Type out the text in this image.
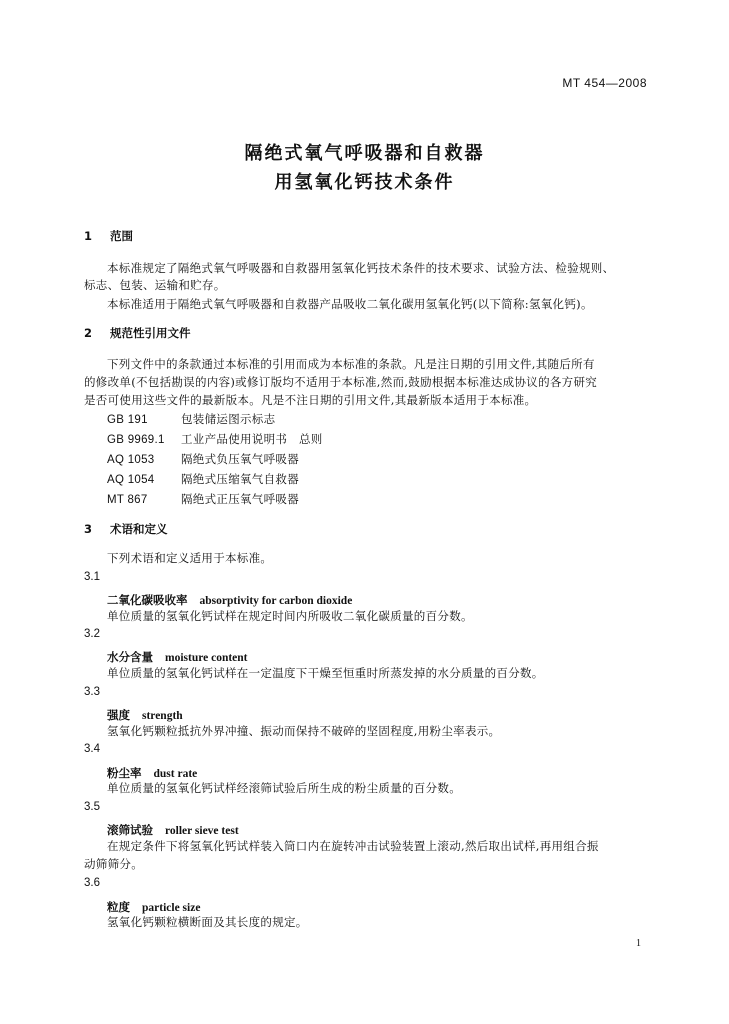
MT 454—2008
隔绝式氧气呼吸器和自救器
用氢氧化钙技术条件
1 范围
本标准规定了隔绝式氧气呼吸器和自救器用氢氧化钙技术条件的技术要求、试验方法、检验规则、
标志、包装、运输和贮存。
本标准适用于隔绝式氧气呼吸器和自救器产品吸收二氧化碳用氢氧化钙(以下简称:氢氧化钙)。
2 规范性引用文件
下列文件中的条款通过本标准的引用而成为本标准的条款。凡是注日期的引用文件,其随后所有
的修改单(不包括勘误的内容)或修订版均不适用于本标准,然而,鼓励根据本标准达成协议的各方研究
是否可使用这些文件的最新版本。凡是不注日期的引用文件,其最新版本适用于本标准。
GB 191	包装储运图示标志
GB 9969.1 工业产品使用说明书　总则
AQ 1053 隔绝式负压氧气呼吸器
AQ 1054 隔绝式压缩氧气自救器
MT 867	隔绝式正压氧气呼吸器
3 术语和定义
下列术语和定义适用于本标准。
3.1
二氧化碳吸收率 absorptivity for carbon dioxide
单位质量的氢氧化钙试样在规定时间内所吸收二氧化碳质量的百分数。
3.2
水分含量 moisture content
单位质量的氢氧化钙试样在一定温度下干燥至恒重时所蒸发掉的水分质量的百分数。
3.3
强度 strength
氢氧化钙颗粒抵抗外界冲撞、振动而保持不破碎的坚固程度,用粉尘率表示。
3.4
粉尘率 dust rate
单位质量的氢氧化钙试样经滚筛试验后所生成的粉尘质量的百分数。
3.5
滚筛试验 roller sieve test
在规定条件下将氢氧化钙试样装入筒口内在旋转冲击试验装置上滚动,然后取出试样,再用组合振
动筛筛分。
3.6
粒度 particle size
氢氧化钙颗粒横断面及其长度的规定。
1
